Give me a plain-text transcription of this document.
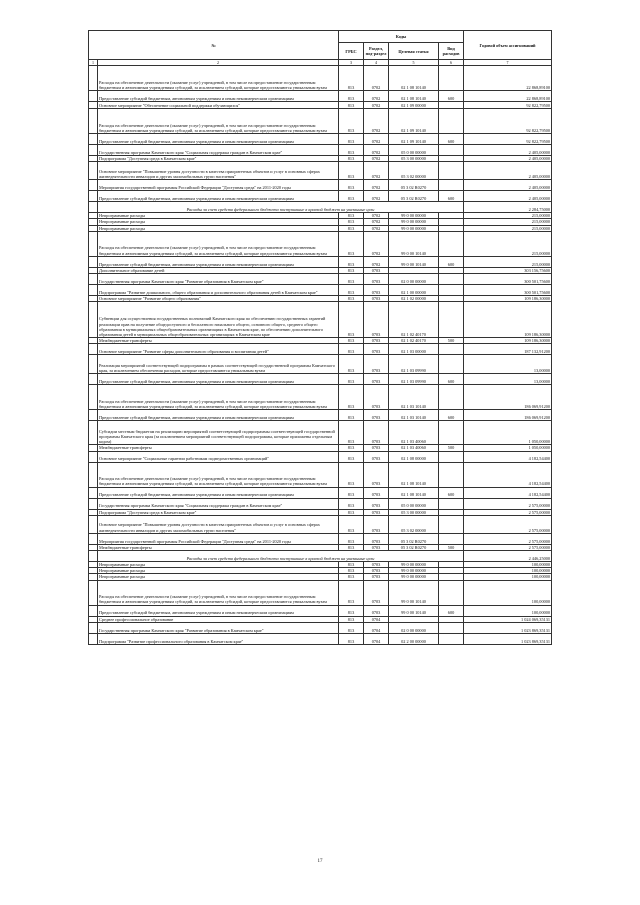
№		Коды				Годовой объем ассигнований
		ГРБС	Раздел, под-раздел	Целевая статья	Вид расходов	
1	2	3	4	5	6	7
	Расходы на обеспечение деятельности (оказание услуг) учреждений, в том числе на предоставление государственным бюджетным и автономным учреждениям субсидий, за исключением субсидий, которые предоставляются уникальным вузам	813	0702	02 1 08 10140		22 868,89100
	Предоставление субсидий бюджетным, автономным учреждениям и иным некоммерческим организациям	813	0702	02 1 08 10140	600	22 868,89100
	Основное мероприятие "Обеспечение социальной поддержки обучающихся"	813	0702	02 1 09 00000		92 822,79500
	Расходы на обеспечение деятельности (оказание услуг) учреждений, в том числе на предоставление государственным бюджетным и автономным учреждениям субсидий, за исключением субсидий, которые предоставляются уникальным вузам	813	0702	02 1 09 10140		92 822,79500
	Предоставление субсидий бюджетным, автономным учреждениям и иным некоммерческим организациям	813	0702	02 1 09 10140	600	92 822,79500
	Государственная программа Камчатского края "Социальная поддержка граждан в Камчатском крае"	813	0702	05 0 00 00000		2 405,00000
	Подпрограмма "Доступная среда в Камчатском крае"	813	0702	05 3 00 00000		2 405,00000
	Основное мероприятие "Повышение уровня доступности в качества приоритетных объектов и услуг в основных сферах жизнедеятельности инвалидов и других маломобильных групп населения"	813	0702	05 3 02 00000		2 405,00000
	Мероприятия государственной программы Российской Федерации "Доступная среда" на 2011-2020 годы	813	0702	05 3 02 R0270		2 405,00000
	Предоставление субсидий бюджетным, автономным учреждениям и иным некоммерческим организациям	813	0702	05 3 02 R0270	600	2 405,00000
	Расходы за счет средств федерального бюджета поступившие в краевой бюджет на указанные цели					2 284,75000
	Непрограммные расходы	813	0702	99 0 00 00000		215,00000
	Непрограммные расходы	813	0702	99 0 00 00000		215,00000
	Непрограммные расходы	813	0702	99 0 00 00000		215,00000
	Расходы на обеспечение деятельности (оказание услуг) учреждений, в том числе на предоставление государственным бюджетным и автономным учреждениям субсидий, за исключением субсидий, которые предоставляются уникальным вузам	813	0702	99 0 00 10140		215,00000
	Предоставление субсидий бюджетным, автономным учреждениям и иным некоммерческим организациям	813	0702	99 0 00 10140	600	215,00000
	Дополнительное образование детей	813	0703			303 156,75600
	Государственная программа Камчатского края "Развитие образования в Камчатском крае"	813	0703	02 0 00 00000		300 501,75600
	Подпрограмма "Развитие дошкольного, общего образования и дополнительного образования детей в Камчатском крае"	813	0703	02 1 00 00000		300 501,75600
	Основное мероприятие "Развитие общего образования"	813	0703	02 1 02 00000		109 186,30000
	Субвенции для осуществления государственных полномочий Камчатского края по обеспечению государственных гарантий реализации прав на получение общедоступного и бесплатного начального общего, основного общего, среднего общего образования в муниципальных общеобразовательных организациях в Камчатском крае, по обеспечению дополнительного образования детей в муниципальных общеобразовательных организациях в Камчатском крае	813	0703	02 1 02 40170		109 186,30000
	Межбюджетные трансферты	813	0703	02 1 02 40170	500	109 186,30000
	Основное мероприятие "Развитие сферы дополнительного образования и воспитания детей"	813	0703	02 1 03 00000		187 132,91200
	Реализация мероприятий соответствующей подпрограммы в рамках соответствующей государственной программы Камчатского края, за исключением обеспечения расходов, которые предоставляются уникальным вузам	813	0703	02 1 03 09990		13,00000
	Предоставление субсидий бюджетным, автономным учреждениям и иным некоммерческим организациям	813	0703	02 1 03 09990	600	13,00000
	Расходы на обеспечение деятельности (оказание услуг) учреждений, в том числе на предоставление государственным бюджетным и автономным учреждениям субсидий, за исключением субсидий, которые предоставляются уникальным вузам	813	0703	02 1 03 10140		186 069,91200
	Предоставление субсидий бюджетным, автономным учреждениям и иным некоммерческим организациям	813	0703	02 1 03 10140	600	186 069,91200
	Субсидии местным бюджетам на реализацию мероприятий соответствующей подпрограммы соответствующей государственной программы Камчатского края (за исключением мероприятий соответствующей подпрограммы, которые приложены отдельным кодом)	813	0703	02 1 03 40060		1 050,00000
	Межбюджетные трансферты	813	0703	02 1 03 40060	500	1 050,00000
	Основное мероприятие "Социальные гарантии работникам подведомственных организаций"	813	0703	02 1 08 00000		4 182,54400
	Расходы на обеспечение деятельности (оказание услуг) учреждений, в том числе на предоставление государственным бюджетным и автономным учреждениям субсидий, за исключением субсидий, которые предоставляются уникальным вузам	813	0703	02 1 08 10140		4 182,54400
	Предоставление субсидий бюджетным, автономным учреждениям и иным некоммерческим организациям	813	0703	02 1 08 10140	600	4 182,54400
	Государственная программа Камчатского края "Социальная поддержка граждан в Камчатском крае"	813	0703	05 0 00 00000		2 575,00000
	Подпрограмма "Доступная среда в Камчатском крае"	813	0703	05 3 00 00000		2 575,00000
	Основное мероприятие "Повышение уровня доступности в качества приоритетных объектов и услуг в основных сферах жизнедеятельности инвалидов и других маломобильных групп населения"	813	0703	05 3 02 00000		2 575,00000
	Мероприятия государственной программы Российской Федерации "Доступная среда" на 2011-2020 годы	813	0703	05 3 02 R0270		2 575,00000
	Межбюджетные трансферты	813	0703	05 3 02 R0270	500	2 575,00000
	Расходы за счет средств федерального бюджета поступившие в краевой бюджет на указанные цели					2 446,25000
	Непрограммные расходы	813	0703	99 0 00 00000		100,00000
	Непрограммные расходы	813	0703	99 0 00 00000		100,00000
	Непрограммные расходы	813	0703	99 0 00 00000		100,00000
	Расходы на обеспечение деятельности (оказание услуг) учреждений, в том числе на предоставление государственным бюджетным и автономным учреждениям субсидий, за исключением субсидий, которые предоставляются уникальным вузам	813	0703	99 0 00 10140		100,00000
	Предоставление субсидий бюджетным, автономным учреждениям и иным некоммерческим организациям	813	0703	99 0 00 10140	600	100,00000
	Среднее профессиональное образование	813	0704			1 024 069,35131
	Государственная программа Камчатского края "Развитие образования в Камчатском крае"	813	0704	02 0 00 00000		1 023 869,35131
	Подпрограмма "Развитие профессионального образования в Камчатском крае"	813	0704	02 2 00 00000		1 023 869,35131
17
